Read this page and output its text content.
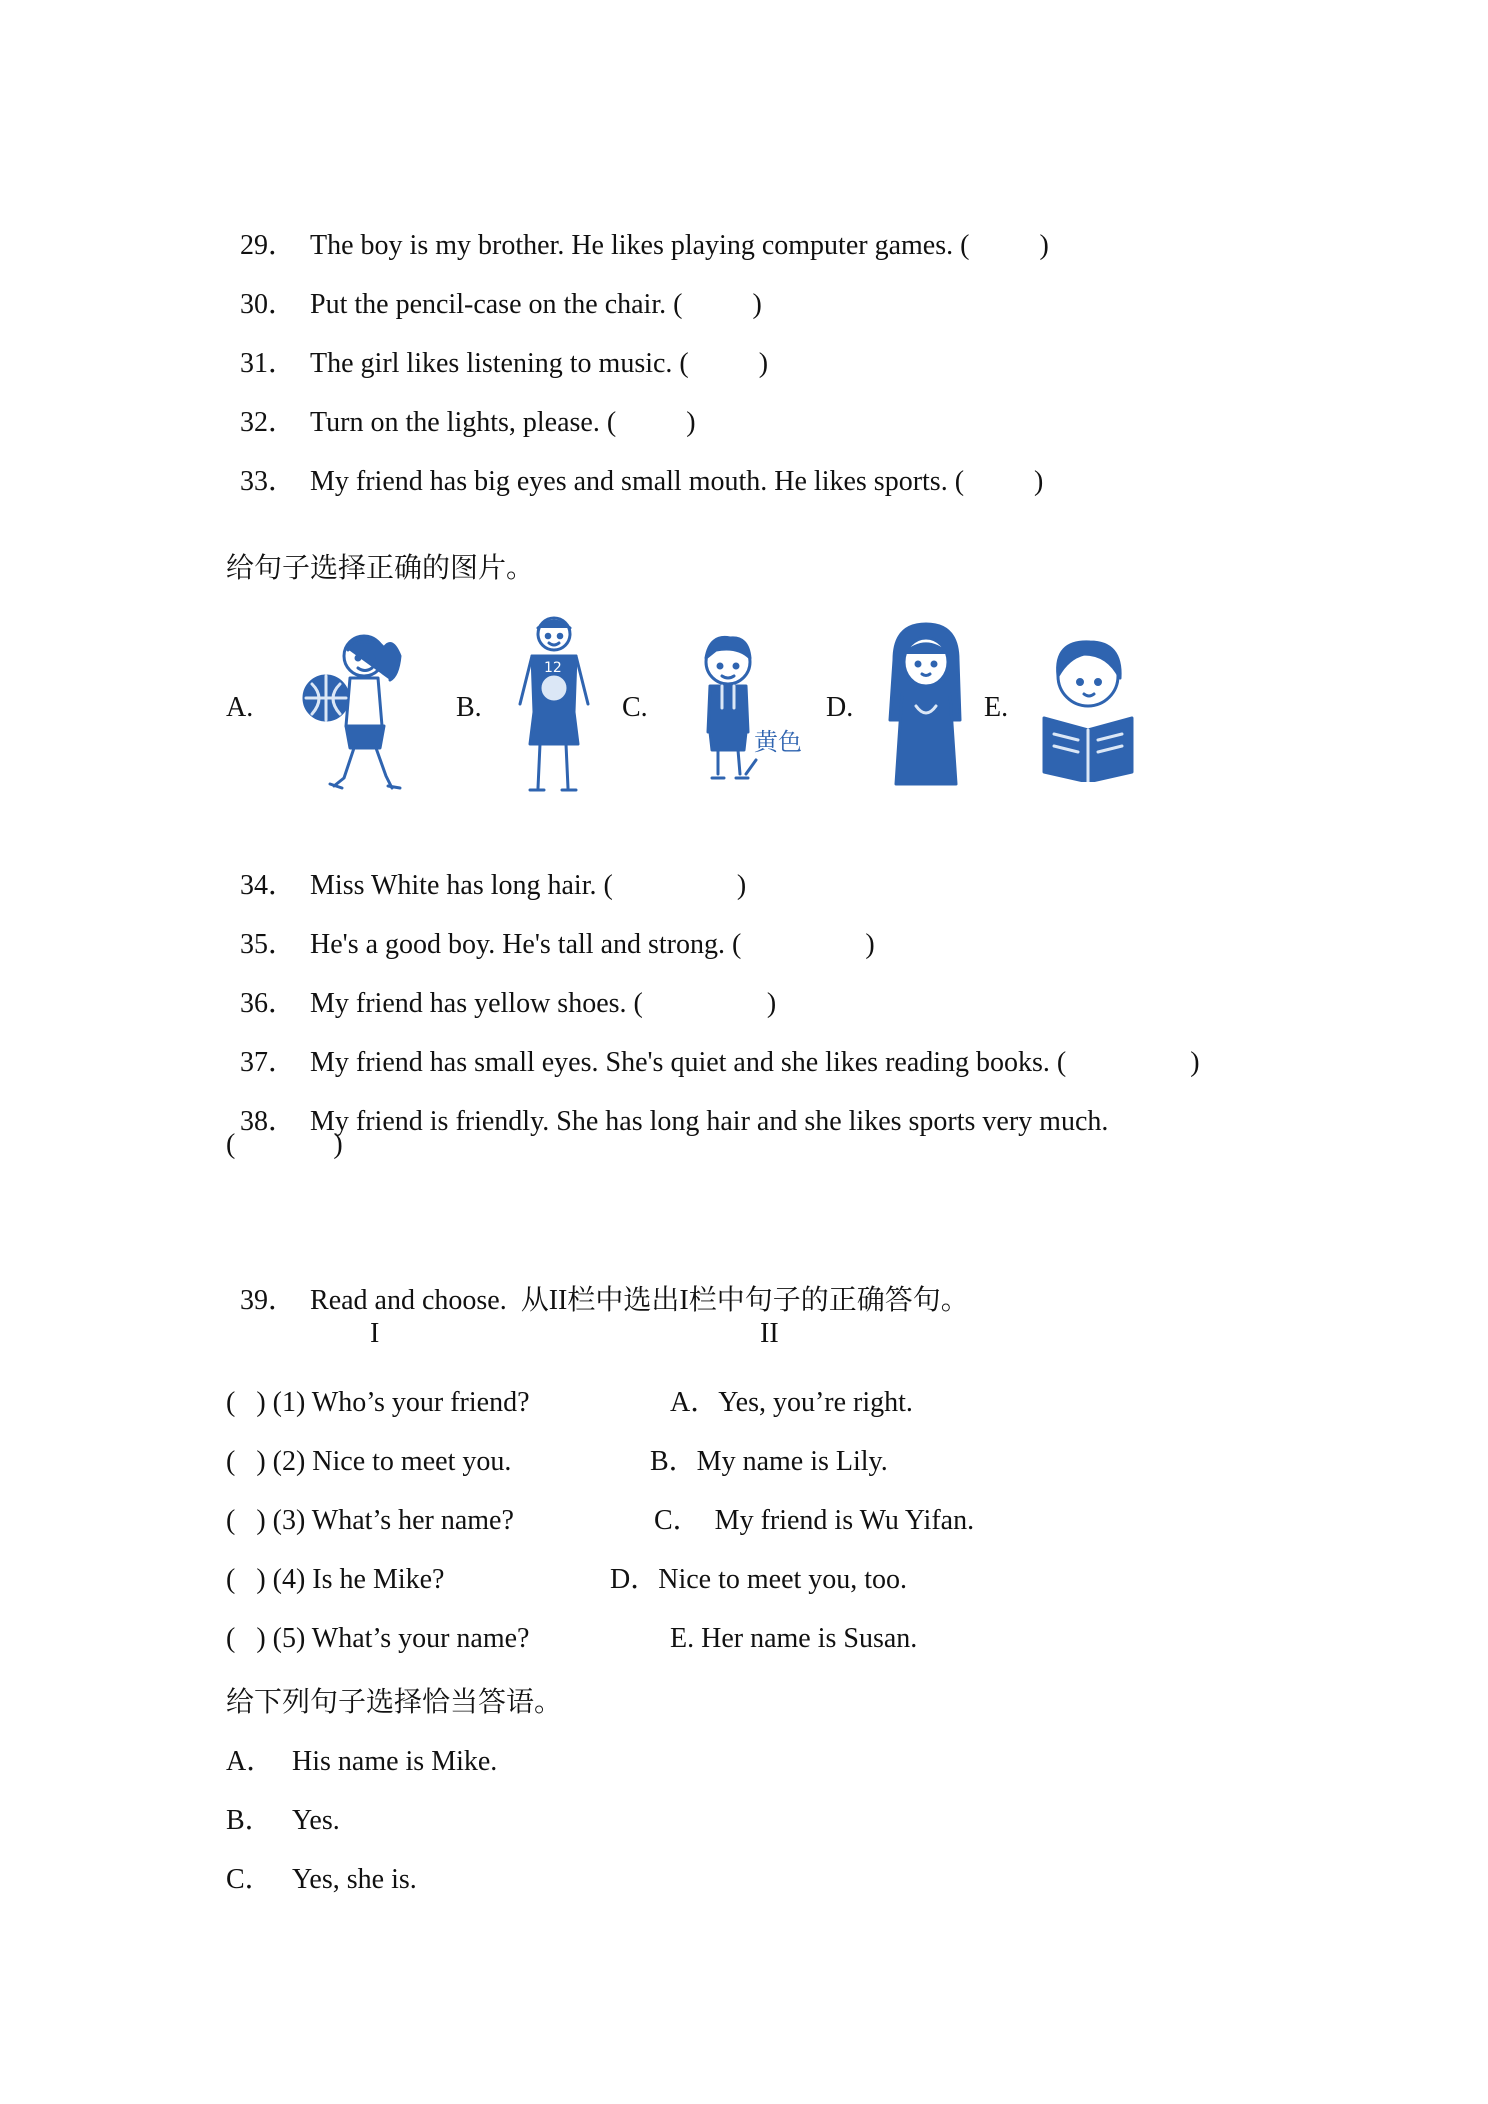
29． The boy is my brother. He likes playing computer games. (	)

30． Put the pencil-case on the chair. (	)

31． The girl likes listening to music. (	)

32． Turn on the lights, please. (	)

33． My friend has big eyes and small mouth. He likes sports. (	)

给句子选择正确的图片。
A.	B.
12
C.
黄色
D.	E.

34． Miss White has long hair. (	)

35． He's a good boy. He's tall and strong. (	)

36． My friend has yellow shoes. (	)

37． My friend has small eyes. She's quiet and she likes reading books. (	)

38． My friend is friendly. She has long hair and she likes sports very much.

(              )

39． Read and choose.  从II栏中选出I栏中句子的正确答句。

I	II
(   ) (1) Who’s your friend?	A．Yes, you’re right.
(   ) (2) Nice to meet you.	B．My name is Lily.
(   ) (3) What’s her name?	C．  My friend is Wu Yifan.
(   ) (4) Is he Mike?	D．Nice to meet you, too.
(   ) (5) What’s your name?	E. Her name is Susan.
给下列句子选择恰当答语。
A． His name is Mike.
B． Yes.
C． Yes, she is.
